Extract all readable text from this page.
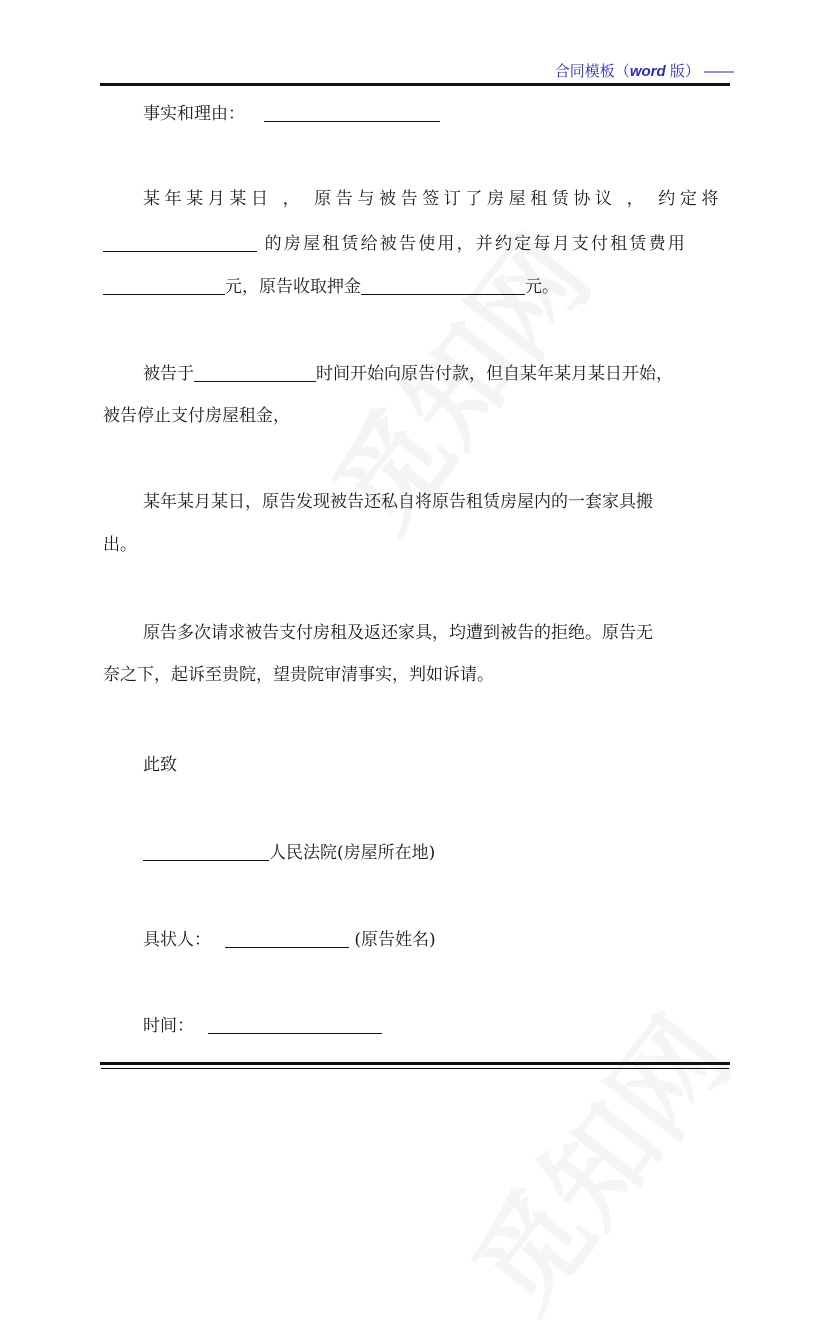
合同模板（word 版） ——
事实和理由：
某年某月某日 ， 原告与被告签订了房屋租赁协议 ， 约定将
的房屋租赁给被告使用，并约定每月支付租赁费用
元，原告收取押金	元。
被告于	时间开始向原告付款，但自某年某月某日开始，
被告停止支付房屋租金，
某年某月某日，原告发现被告还私自将原告租赁房屋内的一套家具搬
出。
原告多次请求被告支付房租及返还家具，均遭到被告的拒绝。原告无
奈之下，起诉至贵院，望贵院审清事实，判如诉请。
此致
人民法院(房屋所在地)
具状人：	(原告姓名)
时间：
